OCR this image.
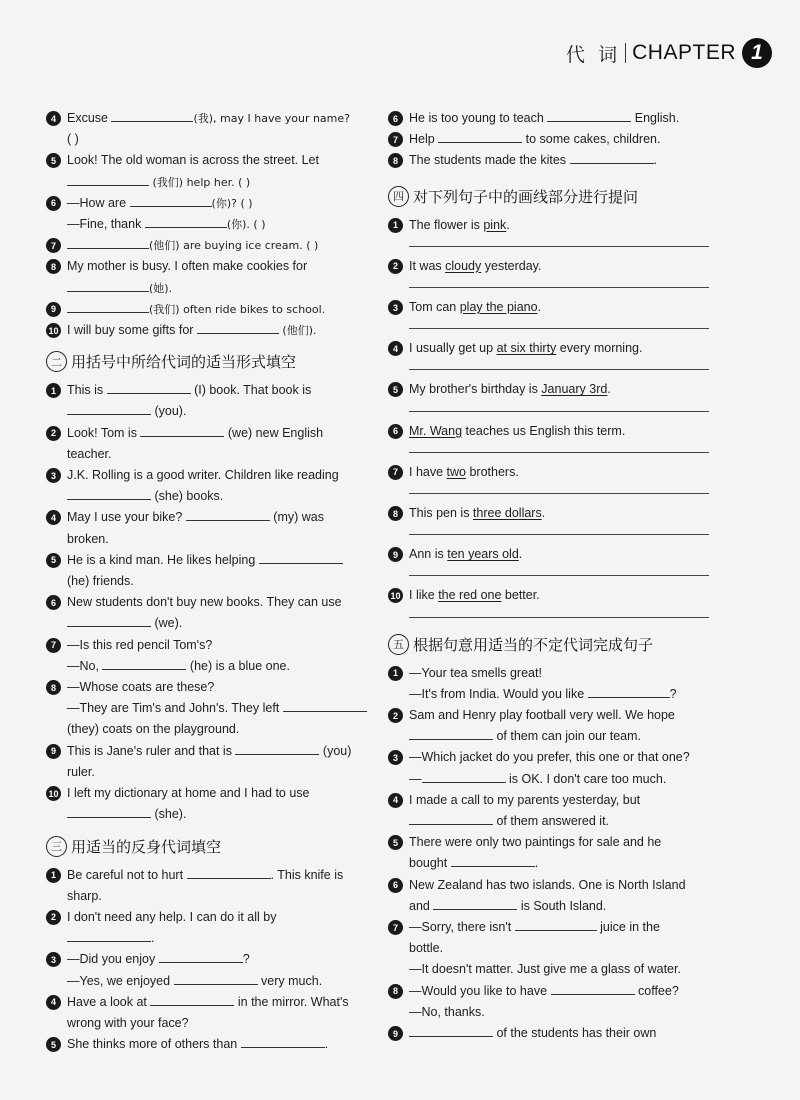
代 词 CHAPTER 1
4 Excuse	(我), may I have your name?
( )
5 Look! The old woman is across the street. Let
(我们) help her. ( )
6 —How are	(你)? ( )
—Fine, thank	(你). ( )
7	(他们) are buying ice cream. ( )
8 My mother is busy. I often make cookies for
(她).
9	(我们) often ride bikes to school.
10 I will buy some gifts for	(他们).
二 用括号中所给代词的适当形式填空
1 This is	(I) book. That book is
(you).
2 Look! Tom is	(we) new English
teacher.
3 J.K. Rolling is a good writer. Children like reading
(she) books.
4 May I use your bike?	(my) was
broken.
5 He is a kind man. He likes helping
(he) friends.
6 New students don't buy new books. They can use
(we).
7 —Is this red pencil Tom's?
—No,	(he) is a blue one.
8 —Whose coats are these?
—They are Tim's and John's. They left
(they) coats on the playground.
9 This is Jane's ruler and that is	(you)
ruler.
10 I left my dictionary at home and I had to use
(she).
三 用适当的反身代词填空
1 Be careful not to hurt	. This knife is
sharp.
2 I don't need any help. I can do it all by
.
3 —Did you enjoy	?
—Yes, we enjoyed	very much.
4 Have a look at	in the mirror. What's
wrong with your face?
5 She thinks more of others than	.
6 He is too young to teach	English.
7 Help	to some cakes, children.
8 The students made the kites	.
四 对下列句子中的画线部分进行提问
1 The flower is pink.
2 It was cloudy yesterday.
3 Tom can play the piano.
4 I usually get up at six thirty every morning.
5 My brother's birthday is January 3rd.
6 Mr. Wang teaches us English this term.
7 I have two brothers.
8 This pen is three dollars.
9 Ann is ten years old.
10 I like the red one better.
五 根据句意用适当的不定代词完成句子
1 —Your tea smells great!
—It's from India. Would you like	?
2 Sam and Henry play football very well. We hope
of them can join our team.
3 —Which jacket do you prefer, this one or that one?
—	is OK. I don't care too much.
4 I made a call to my parents yesterday, but
of them answered it.
5 There were only two paintings for sale and he
bought	.
6 New Zealand has two islands. One is North Island
and	is South Island.
7 —Sorry, there isn't	juice in the
bottle.
—It doesn't matter. Just give me a glass of water.
8 —Would you like to have	coffee?
—No, thanks.
9	of the students has their own
